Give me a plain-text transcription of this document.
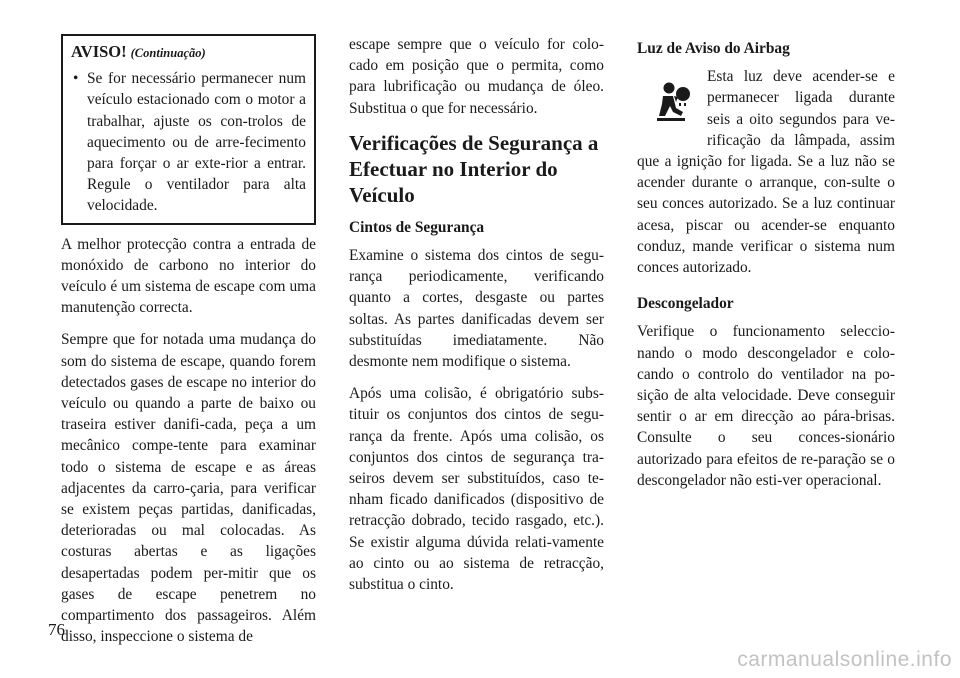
AVISO! (Continuação)
• Se for necessário permanecer num veículo estacionado com o motor a trabalhar, ajuste os con-trolos de aquecimento ou de arre-fecimento para forçar o ar exte-rior a entrar. Regule o ventilador para alta velocidade.

A melhor protecção contra a entrada de monóxido de carbono no interior do veículo é um sistema de escape com uma manutenção correcta.

Sempre que for notada uma mudança do som do sistema de escape, quando forem detectados gases de escape no interior do veículo ou quando a parte de baixo ou traseira estiver danifi-cada, peça a um mecânico compe-tente para examinar todo o sistema de escape e as áreas adjacentes da carro-çaria, para verificar se existem peças partidas, danificadas, deterioradas ou mal colocadas. As costuras abertas e as ligações desapertadas podem per-mitir que os gases de escape penetrem no compartimento dos passageiros. Além disso, inspeccione o sistema de

escape sempre que o veículo for colo-cado em posição que o permita, como para lubrificação ou mudança de óleo. Substitua o que for necessário.

Verificações de Segurança a Efectuar no Interior do Veículo
Cintos de Segurança

Examine o sistema dos cintos de segu-rança periodicamente, verificando quanto a cortes, desgaste ou partes soltas. As partes danificadas devem ser substituídas imediatamente. Não desmonte nem modifique o sistema.

Após uma colisão, é obrigatório subs-tituir os conjuntos dos cintos de segu-rança da frente. Após uma colisão, os conjuntos dos cintos de segurança tra-seiros devem ser substituídos, caso te-nham ficado danificados (dispositivo de retracção dobrado, tecido rasgado, etc.). Se existir alguma dúvida relati-vamente ao cinto ou ao sistema de retracção, substitua o cinto.

Luz de Aviso do Airbag

Esta luz deve acender-se e permanecer ligada durante seis a oito segundos para ve-rificação da lâmpada, assim que a ignição for ligada. Se a luz não se acender durante o arranque, con-sulte o seu conces autorizado. Se a luz continuar acesa, piscar ou acender-se enquanto conduz, mande verificar o sistema num conces autorizado.

Descongelador

Verifique o funcionamento seleccio-nando o modo descongelador e colo-cando o controlo do ventilador na po-sição de alta velocidade. Deve conseguir sentir o ar em direcção ao pára-brisas. Consulte o seu conces-sionário autorizado para efeitos de re-paração se o descongelador não esti-ver operacional.

76
carmanualsonline.info
